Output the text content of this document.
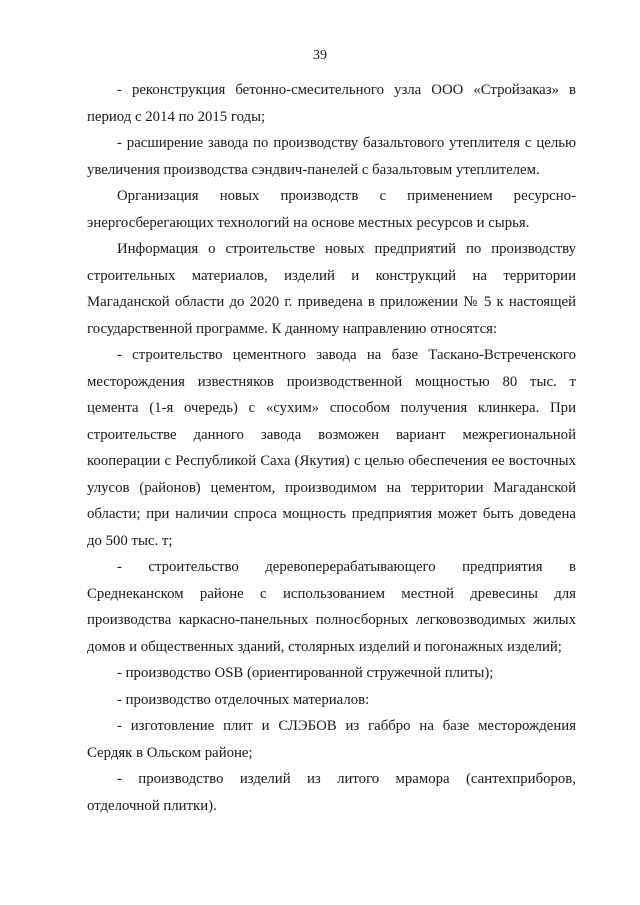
39

- реконструкция бетонно-смесительного узла ООО «Стройзаказ» в период с 2014 по 2015 годы;

- расширение завода по производству базальтового утеплителя с целью увеличения производства сэндвич-панелей с базальтовым утеплителем.

Организация новых производств с применением ресурсно-энергосберегающих технологий на основе местных ресурсов и сырья.

Информация о строительстве новых предприятий по производству строительных материалов, изделий и конструкций на территории Магаданской области до 2020 г. приведена в приложении № 5 к настоящей государственной программе. К данному направлению относятся:

- строительство цементного завода на базе Таскано-Встреченского месторождения известняков производственной мощностью 80 тыс. т цемента (1-я очередь) с «сухим» способом получения клинкера. При строительстве данного завода возможен вариант межрегиональной кооперации с Республикой Саха (Якутия) с целью обеспечения ее восточных улусов (районов) цементом, производимом на территории Магаданской области; при наличии спроса мощность предприятия может быть доведена до 500 тыс. т;

- строительство деревоперерабатывающего предприятия в Среднеканском районе с использованием местной древесины для производства каркасно-панельных полносборных легковозводимых жилых домов и общественных зданий, столярных изделий и погонажных изделий;

- производство OSB (ориентированной стружечной плиты);

- производство отделочных материалов:

- изготовление плит и СЛЭБОВ из габбро на базе месторождения Сердяк в Ольском районе;

- производство изделий из литого мрамора (сантехприборов, отделочной плитки).
